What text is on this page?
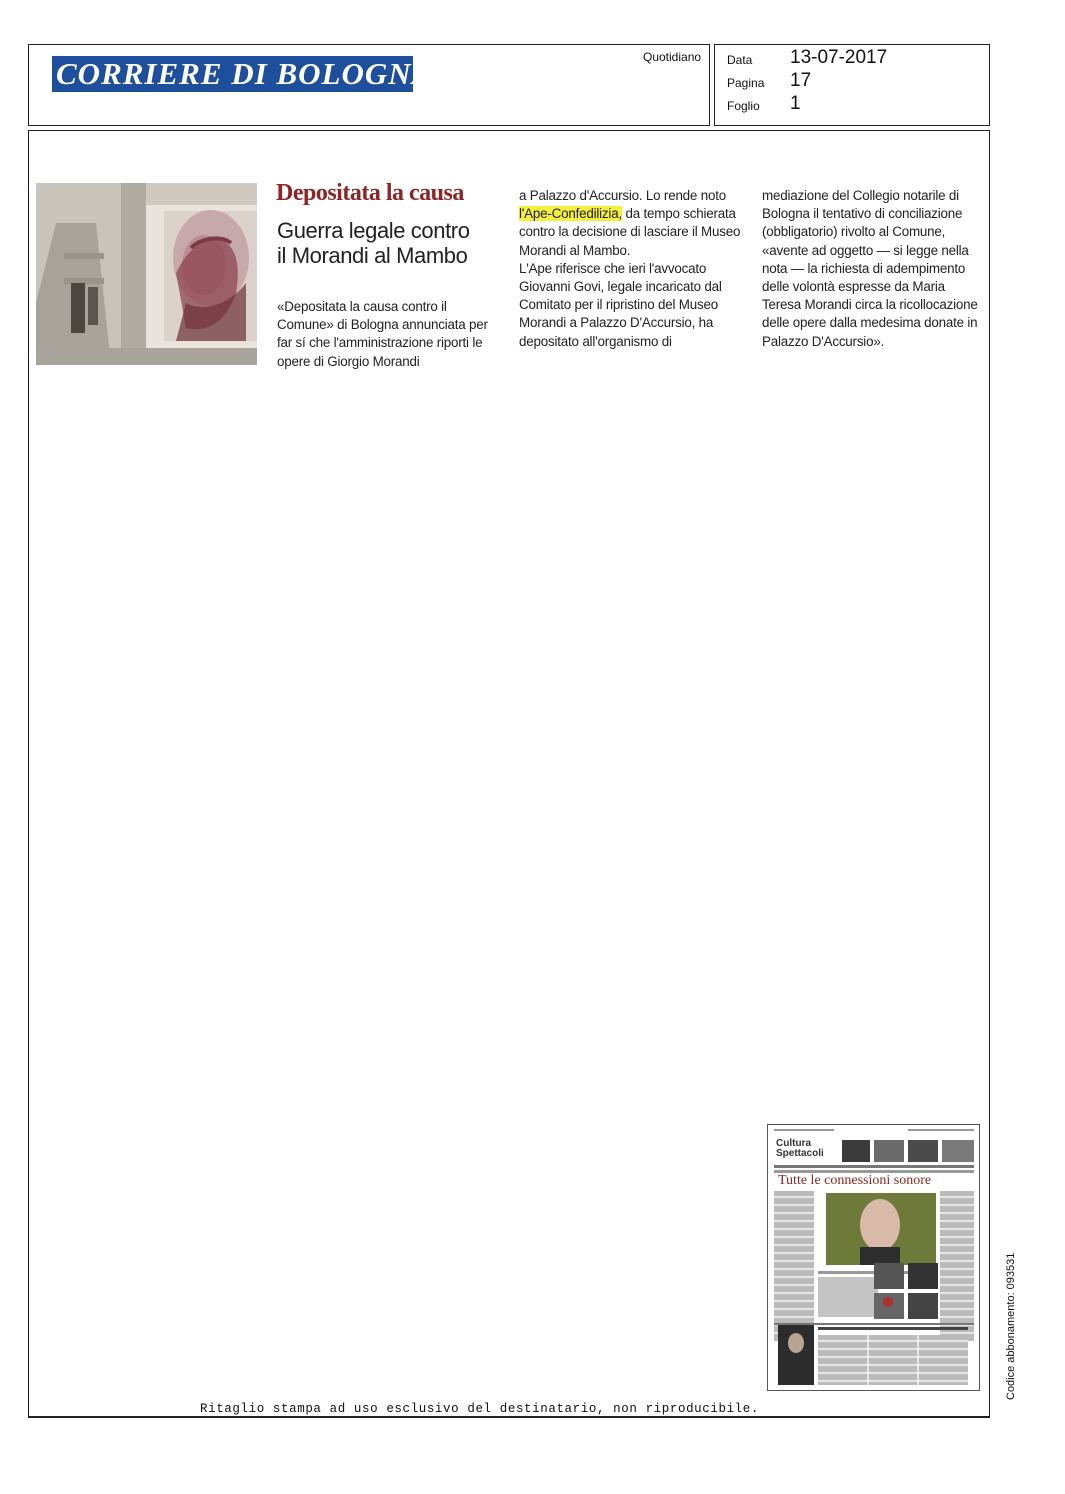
CORRIERE DI BOLOGNA	Quotidiano Data 13-07-2017
Pagina 17
Foglio 1
Depositata la causa
Guerra legale contro
il Morandi al Mambo
«Depositata la causa contro il Comune» di Bologna annunciata per far sí che l'amministrazione riporti le opere di Giorgio Morandi
a Palazzo d'Accursio. Lo rende noto l'Ape-Confedilizia, da tempo schierata contro la decisione di lasciare il Museo Morandi al Mambo.
L'Ape riferisce che ieri l'avvocato Giovanni Govi, legale incaricato dal Comitato per il ripristino del Museo Morandi a Palazzo D'Accursio, ha depositato all'organismo di
mediazione del Collegio notarile di Bologna il tentativo di conciliazione (obbligatorio) rivolto al Comune, «avente ad oggetto — si legge nella nota — la richiesta di adempimento delle volontà espresse da Maria Teresa Morandi circa la ricollocazione delle opere dalla medesima donate in Palazzo D'Accursio».
Cultura
Spettacoli
Tutte le connessioni sonore
Codice abbonamento: 093531
Ritaglio stampa ad uso esclusivo del destinatario, non riproducibile.
